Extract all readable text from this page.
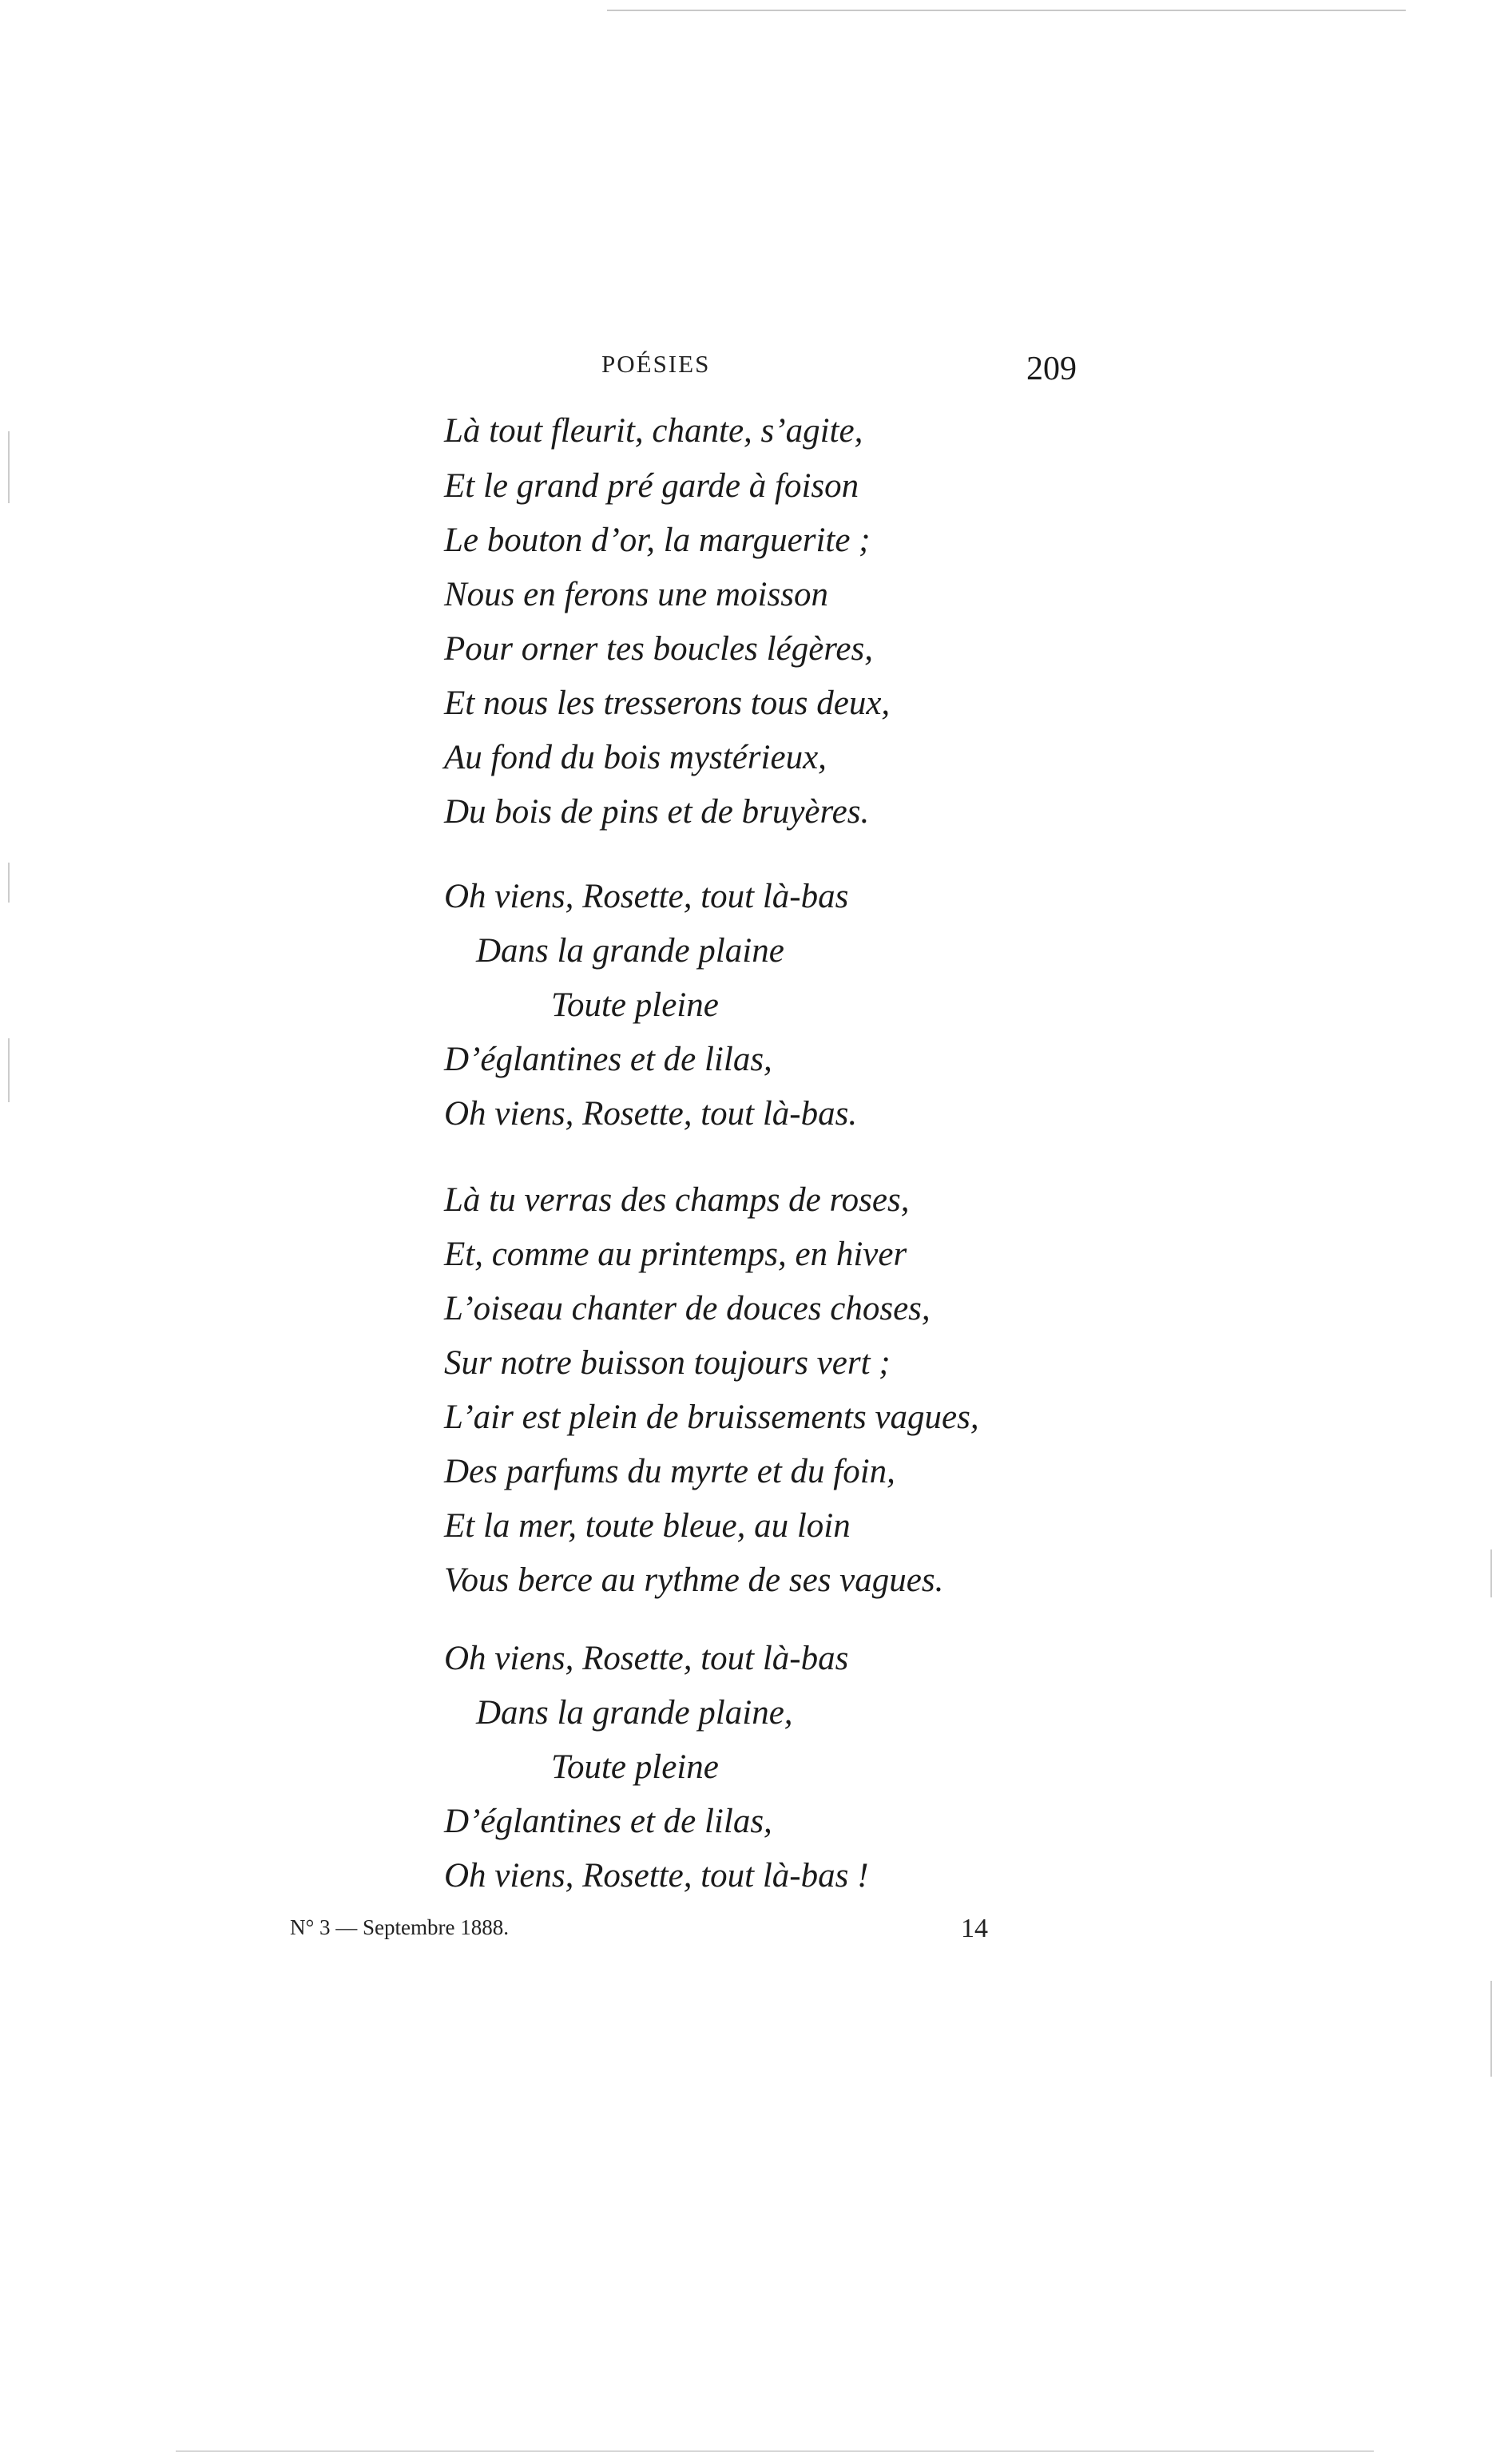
POÉSIES	209
Là tout fleurit, chante, s’agite,
Et le grand pré garde à foison
Le bouton d’or, la marguerite ;
Nous en ferons une moisson
Pour orner tes boucles légères,
Et nous les tresserons tous deux,
Au fond du bois mystérieux,
Du bois de pins et de bruyères.
Oh viens, Rosette, tout là-bas
Dans la grande plaine
Toute pleine
D’églantines et de lilas,
Oh viens, Rosette, tout là-bas.
Là tu verras des champs de roses,
Et, comme au printemps, en hiver
L’oiseau chanter de douces choses,
Sur notre buisson toujours vert ;
L’air est plein de bruissements vagues,
Des parfums du myrte et du foin,
Et la mer, toute bleue, au loin
Vous berce au rythme de ses vagues.
Oh viens, Rosette, tout là-bas
Dans la grande plaine,
Toute pleine
D’églantines et de lilas,
Oh viens, Rosette, tout là-bas !
N° 3 — Septembre 1888.	14
